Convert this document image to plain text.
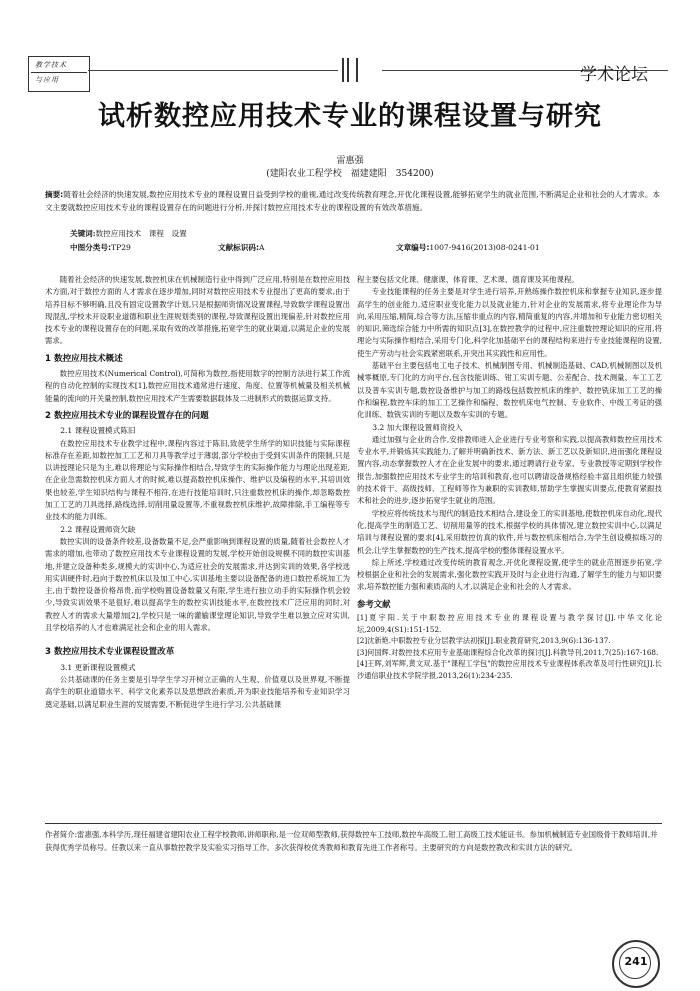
教学技术
与应用	学术论坛
试析数控应用技术专业的课程设置与研究
雷惠强
(建阳农业工程学校　福建建阳　354200)
摘要:随着社会经济的快速发展,数控应用技术专业的课程设置日益受到学校的重视,通过改变传统教育理念,开优化课程设置,能够拓宽学生的就业范围,不断满足企业和社会的人才需求。本文主要就数控应用技术专业的课程设置存在的问题进行分析,并探讨数控应用技术专业的课程设置的有效改革措施。
关键词:数控应用技术　课程　设置
中图分类号:TP29	文献标识码:A	文章编号:1007-9416(2013)08-0241-01

随着社会经济的快速发展,数控机床在机械制造行业中得到广泛应用,特别是在数控应用技术方面,对于数控方面的人才需求在逐步增加,同时对数控应用技术专业提出了更高的要求,由于培养目标不够明确,且没有固定设置教学计划,只是根据师资情况设置课程,导致数学课程设置出现混乱,学校未开设职业道德和职业生涯规划类别的课程,导致课程设置出现偏差,针对数控应用技术专业的课程设置存在的问题,采取有效的改革措施,拓宽学生的就业渠道,以满足企业的发展需求。

1 数控应用技术概述

数控应用技术(Numerical Control),可简称为数控,指使用数字的控制方法进行某工作流程的自动化控制的实现技术[1],数控应用技术通常进行速度、角度、位置等机械量及相关机械能量的流向的开关量控制,数控应用技术产生需要数据载体及二进制形式的数据运算支持。

2 数控应用技术专业的课程设置存在的问题
2.1 课程设置模式陈旧

在数控应用技术专业教学过程中,课程内容过于陈旧,致使学生所学的知识技能与实际课程标准存在差距,如数控加工工艺和刀具等教学过于薄弱,部分学校由于受到实训条件的限制,只是以讲授理论只是为主,难以将理论与实际操作相结合,导致学生的实际操作能力与理论出现差距,在企业急需数控机床方面人才的时候,难以提高数控机床操作、维护以及编程的水平,其培训效果也较差,学生知识结构与课程不相符,在进行技能培训时,只注重数控机床的操作,却忽略数控加工工艺的刀具选择,路线选择,切削用量设置等,不重视数控机床维护,故障排除,手工编程等专业技术的能力训练。

2.2 课程设置师资欠缺

数控实训的设备条件较差,设备数量不足,会严重影响到课程设置的质量,随着社会数控人才需求的增加,也带动了数控应用技术专业课程设置的发展,学校开始创设规模不同的数控实训基地,并建立设备种类多,规模大的实训中心,为适应社会的发展需求,并达到实训的效果,各学校选用实训硬件时,趋向于数控机床以及加工中心,实训基地主要以设备配备的进口数控系统加工为主,由于数控设备价格昂贵,而学校购置设备数量又有限,学生进行独立动手的实际操作机会较少,导致实训效果不是很好,难以提高学生的数控实训技能水平,在数控技术广泛应用的同时,对教控人才的需求大量增加[2],学校只是一味的灌输课堂理论知识,导致学生难以独立应对实训,且学校培养的人才也难满足社会和企业的用人需求。

3 数控应用技术专业课程设置改革
3.1 更新课程设置模式

公共基础课的任务主要是引导学生学习开树立正确的人生观、价值观以及世界观,不断提高学生的职业道德水平、科学文化素养以及思想政治素质,开为职业技能培养和专业知识学习奠定基础,以满足职业生涯的发展需要,不断促进学生进行学习,公共基础课

程主要包括文化课、健康课、体育课、艺术课、德育课及其他课程。

专业技能课程的任务主要是对学生进行培养,开熟练操作数控机床和掌握专业知识,逐步提高学生的创业能力,适应职业变化能力以及就业能力,针对企业的发展需求,将专业理论作为导向,采用压缩,精简,综合等方法,压缩非重点的内容,精简重复的内容,并增加和专业能力密切相关的知识,筛选综合能力中所需的知识点[3],在数控教学的过程中,应注重数控理论知识的应用,将理论与实际操作相结合,采用专门化,科学化加基础平台的课程结构来进行专业技能课程的设置,使生产劳动与社会实践紧密联系,开突出其实践性和应用性。

基础平台主要包括电工电子技术、机械制图专用、机械制造基础、CAD,机械制图以及机械零概原,专门化的方向平台,包含技能训练、钳工实训专题、公差配合、技术测量、车工工艺以及普车实训专题,数控设备维护与加工的路线包括数控机床的维护、数控铣床加工工艺的操作和编程,数控车床的加工工艺操作和编程、数控机床电气控制、专业软件、中级工考证的强化训练、数铣实训的专题以及数车实训的专题。

3.2 加大课程设置师资投入

通过加强与企业的合作,安排教师进入企业进行专业考察和实践,以提高教师数控应用技术专业水平,并锻炼其实践能力,了解并明确新技术、新方法、新工艺以及新知识,进而强化课程设置内容,动态掌握数控人才在企业发展中的要求,通过聘请行业专家、专业教授等定期到学校作报告,加强数控应用技术专业学生的培训和教育,也可以聘请设备规格经验丰富且组织能力较强的技术骨干、高级技师、工程师等作为兼职的实训教师,帮助学生掌握实训要点,使教育紧跟技术和社会的进步,逐步拓宽学生就业的范围。

学校应将传统技术与现代的制造技术相结合,建设金工的实训基地,使数控机床自动化,现代化,提高学生的制造工艺、切削用量等的技术,根据学校的具体情况,建立数控实训中心,以满足培训与课程设置的要求[4],采用数控仿真的软件,并与数控机床相结合,为学生创设模拟练习的机会,让学生掌握数控的生产技术,提高学校的整体课程设置水平。

综上所述,学校通过改变传统的教育观念,开优化课程设置,使学生的就业范围逐步拓宽,学校根据企业和社会的发展需求,强化数控实践开及时与企业进行沟通,了解学生的能力与知识要求,培养数控能力强和素质高的人才,以满足企业和社会的人才需求。

参考文献

[1]夏宇阳.关于中职数控应用技术专业的课程设置与教学探讨[J].中华文化论坛,2009,4(S1):151-152.

[2]沈新艳.中职数控专业分层教学法初探[J].职业教育研究,2013,9(6):136-137.

[3]何国辉.对数控技术应用专业基础课程综合化改革的探讨[J].科教导刊,2011,7(25):167-168.

[4]王晖,刘军辉,黄文双.基于"课程工学包"的数控应用技术专业课程体系改革及可行性研究[J].长沙通信职业技术学院学报,2013,26(1):234-235.

作者简介:雷惠强,本科学历,现任福建省建阳农业工程学校教师,讲师职称,是一位双师型教师,获得数控车工技师,数控车高级工,钳工高级工技术能证书。参加机械制造专业国级骨干教师培训,并获得优秀学员称号。任教以来一直从事数控教学及实验实习指导工作。多次获得校优秀教师和教育先进工作者称号。主要研究的方向是数控教改和实训方法的研究。
241
